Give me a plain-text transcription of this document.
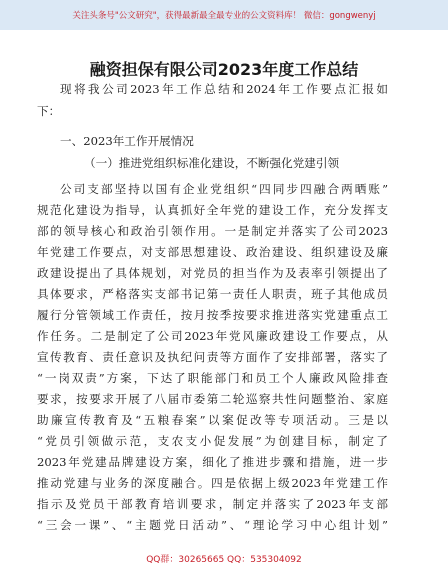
关注头条号"公文研究"，获得最新最全最专业的公文资料库！ 微信：gongwenyj
融资担保有限公司2023年度工作总结
现将我公司2023年工作总结和2024年工作要点汇报如
下：
一、2023年工作开展情况
（一）推进党组织标准化建设，不断强化党建引领
公司支部坚持以国有企业党组织“四同步四融合两晒账”
规范化建设为指导，认真抓好全年党的建设工作，充分发挥支
部的领导核心和政治引领作用。一是制定并落实了公司2023
年党建工作要点，对支部思想建设、政治建设、组织建设及廉
政建设提出了具体规划，对党员的担当作为及表率引领提出了
具体要求，严格落实支部书记第一责任人职责，班子其他成员
履行分管领域工作责任，按月按季按要求推进落实党建重点工
作任务。二是制定了公司2023年党风廉政建设工作要点，从
宣传教育、责任意识及执纪问责等方面作了安排部署，落实了
“一岗双责”方案，下达了职能部门和员工个人廉政风险排查
要求，按要求开展了八届市委第二轮巡察共性问题整治、家庭
助廉宣传教育及“五粮春案”以案促改等专项活动。三是以
“党员引领做示范，支农支小促发展”为创建目标，制定了
2023年党建品牌建设方案，细化了推进步骤和措施，进一步
推动党建与业务的深度融合。四是依据上级2023年党建工作
指示及党员干部教育培训要求，制定并落实了2023年支部
“三会一课”、“主题党日活动”、“理论学习中心组计划”
QQ群：30265665 QQ：535304092
